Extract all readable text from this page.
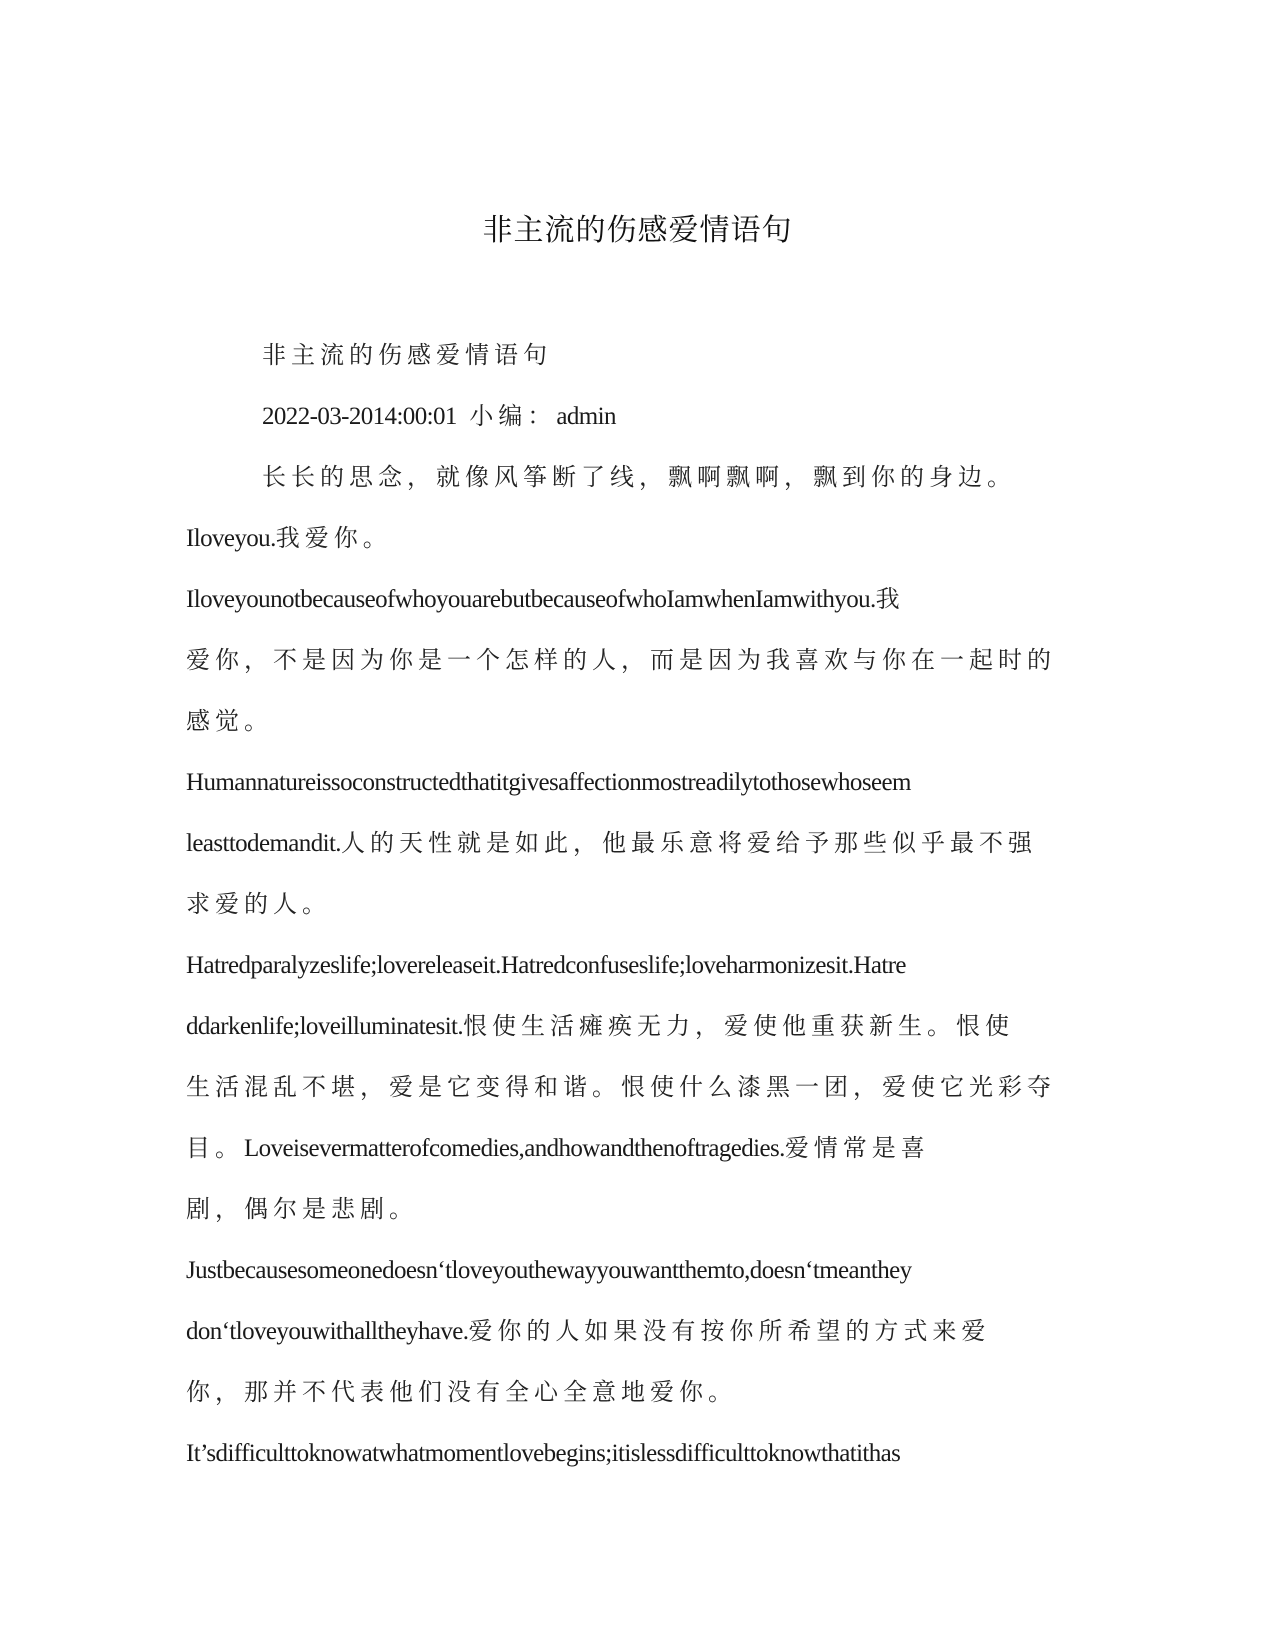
非主流的伤感爱情语句
非主流的伤感爱情语句
2022-03-2014:00:01 小编：admin
长长的思念，就像风筝断了线，飘啊飘啊，飘到你的身边。
Iloveyou.我爱你。
IloveyounotbecauseofwhoyouarebutbecauseofwhoIamwhenIamwithyou.我
爱你，不是因为你是一个怎样的人，而是因为我喜欢与你在一起时的
感觉。
Humannatureissoconstructedthatitgivesaffectionmostreadilytothosewhoseem
leasttodemandit.人的天性就是如此，他最乐意将爱给予那些似乎最不强
求爱的人。
Hatredparalyzeslife;lovereleaseit.Hatredconfuseslife;loveharmonizesit.Hatre
ddarkenlife;loveilluminatesit.恨使生活瘫痪无力，爱使他重获新生。恨使
生活混乱不堪，爱是它变得和谐。恨使什么漆黑一团，爱使它光彩夺
目。Loveisevermatterofcomedies,andhowandthenoftragedies.爱情常是喜
剧，偶尔是悲剧。
Justbecausesomeonedoesn‘tloveyouthewayyouwantthemto,doesn‘tmeanthey
don‘tloveyouwithalltheyhave.爱你的人如果没有按你所希望的方式来爱
你，那并不代表他们没有全心全意地爱你。
It’sdifficulttoknowatwhatmomentlovebegins;itislessdifficulttoknowthatithas
